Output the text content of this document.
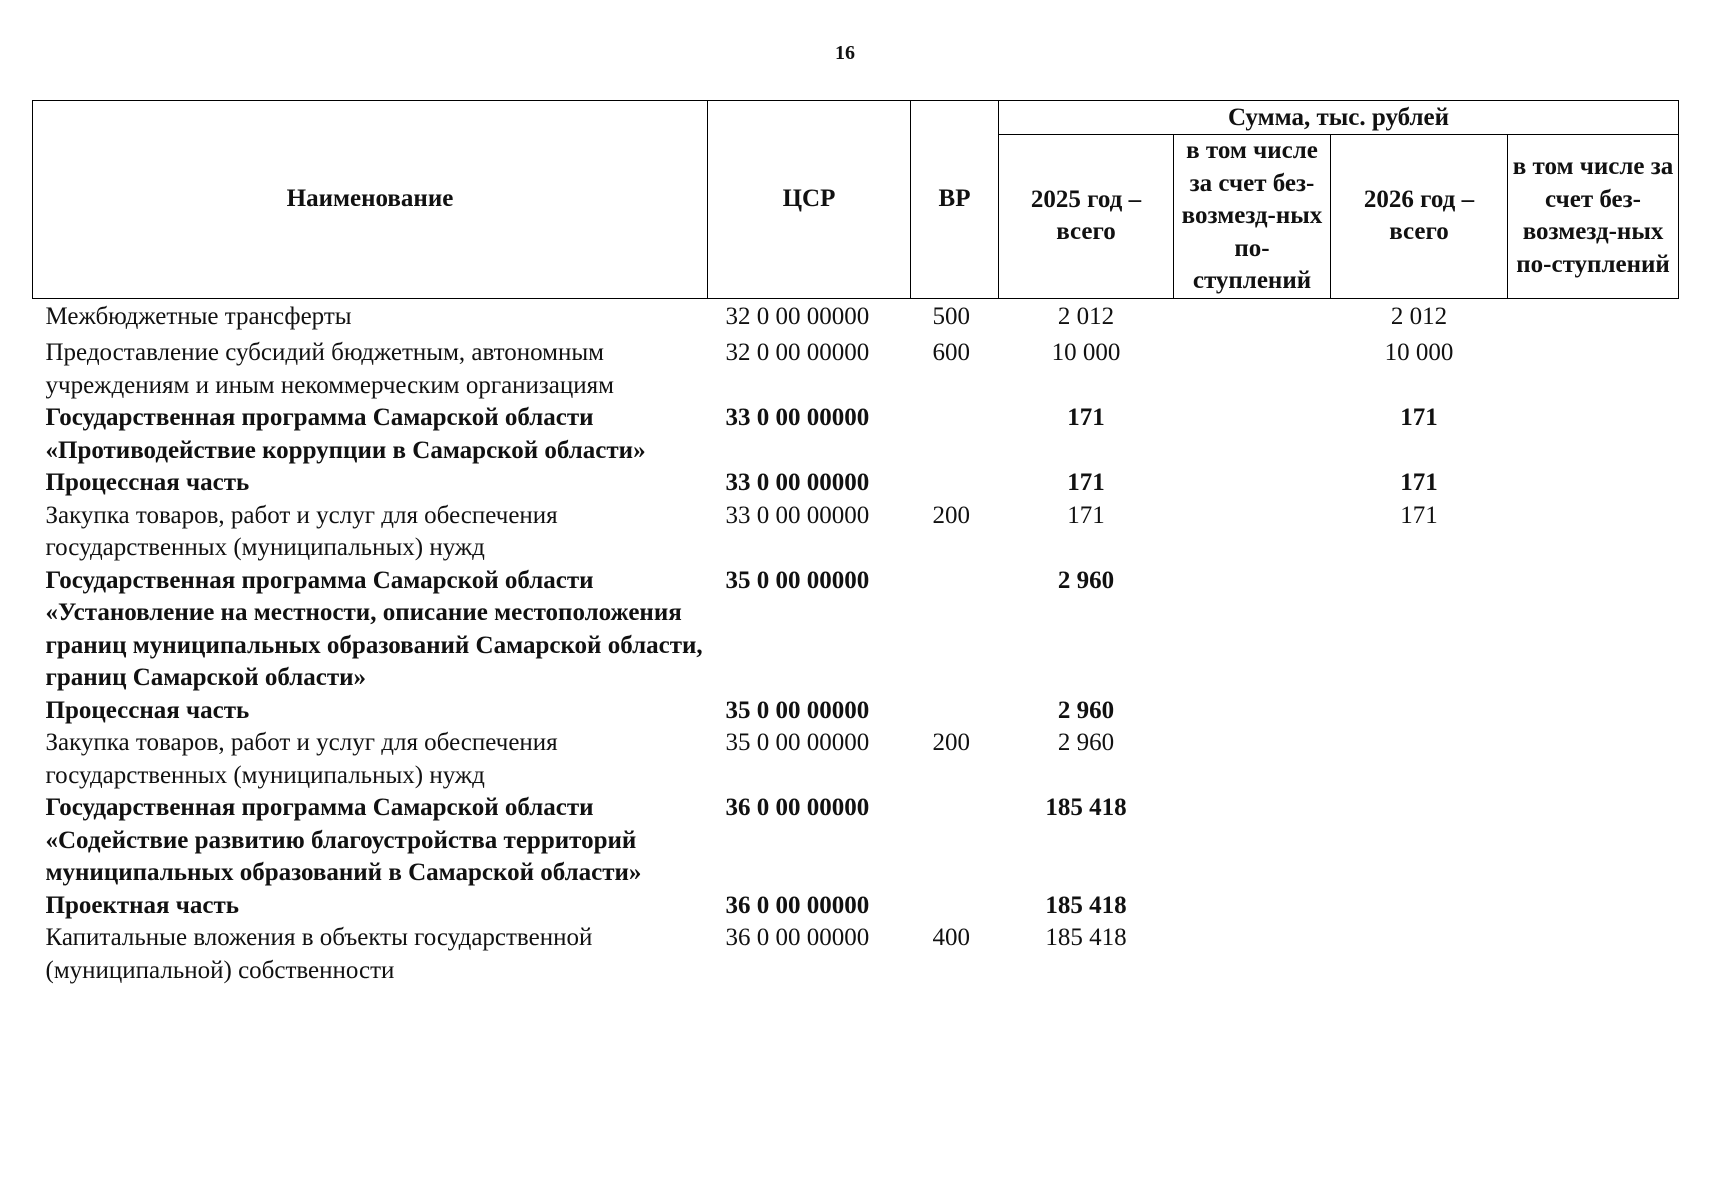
16
Наименование	ЦСР	ВР	Сумма, тыс. рублей			
			2025 год – всего	в том числе за счет без-возмезд-ных по-ступлений	2026 год – всего	в том числе за счет без-возмезд-ных по-ступлений
Межбюджетные трансферты	32 0 00 00000	500	2 012		2 012	
Предоставление субсидий бюджетным, автономным учреждениям и иным некоммерческим организациям	32 0 00 00000	600	10 000		10 000	
Государственная программа Самарской области «Противодействие коррупции в Самарской области»	33 0 00 00000		171		171	
Процессная часть	33 0 00 00000		171		171	
Закупка товаров, работ и услуг для обеспечения государственных (муниципальных) нужд	33 0 00 00000	200	171		171	
Государственная программа Самарской области «Установление на местности, описание местоположения границ муниципальных образований Самарской области, границ Самарской области»	35 0 00 00000		2 960			
Процессная часть	35 0 00 00000		2 960			
Закупка товаров, работ и услуг для обеспечения государственных (муниципальных) нужд	35 0 00 00000	200	2 960			
Государственная программа Самарской области «Содействие развитию благоустройства территорий муниципальных образований в Самарской области»	36 0 00 00000		185 418			
Проектная часть	36 0 00 00000		185 418			
Капитальные вложения в объекты государственной (муниципальной) собственности	36 0 00 00000	400	185 418			
